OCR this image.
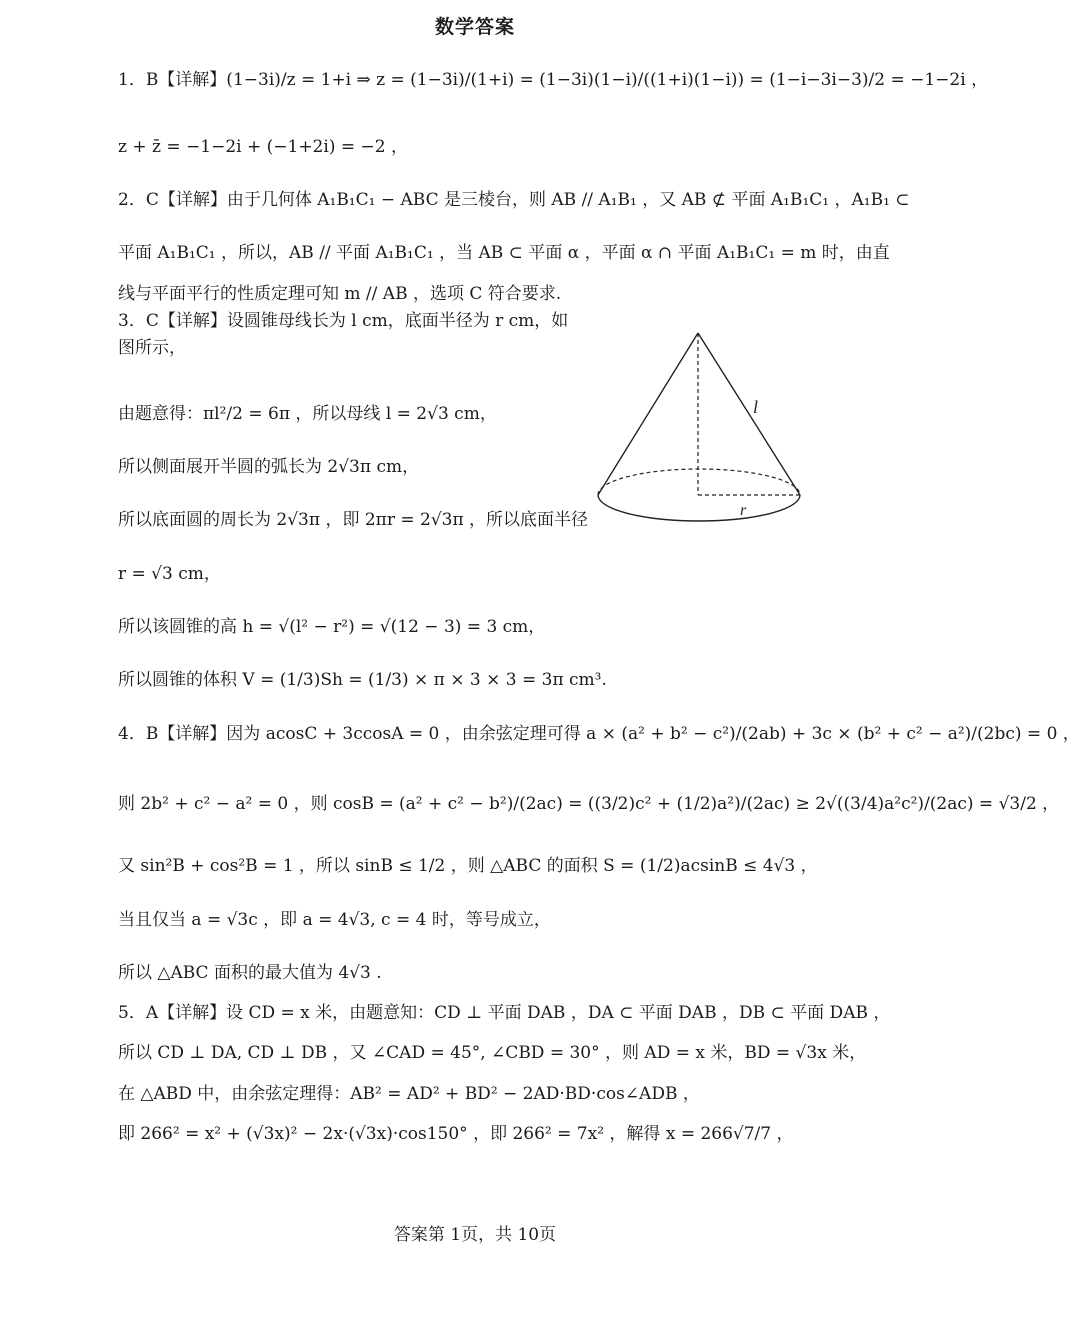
数学答案
1．B【详解】(1−3i)/z = 1+i ⇒ z = (1−3i)/(1+i) = (1−3i)(1−i)/((1+i)(1−i)) = (1−i−3i−3)/2 = −1−2i ，
z + z̄ = −1−2i + (−1+2i) = −2 ，
2．C【详解】由于几何体 A₁B₁C₁ − ABC 是三棱台，则 AB // A₁B₁ ，又 AB ⊄ 平面 A₁B₁C₁ ，A₁B₁ ⊂
平面 A₁B₁C₁ ，所以，AB // 平面 A₁B₁C₁ ，当 AB ⊂ 平面 α ，平面 α ∩ 平面 A₁B₁C₁ = m 时，由直
线与平面平行的性质定理可知 m // AB ，选项 C 符合要求.
3．C【详解】设圆锥母线长为 l cm，底面半径为 r cm，如
图所示，
由题意得：πl²/2 = 6π ，所以母线 l = 2√3 cm，
所以侧面展开半圆的弧长为 2√3π cm，
所以底面圆的周长为 2√3π ，即 2πr = 2√3π ，所以底面半径
r = √3 cm，
所以该圆锥的高 h = √(l² − r²) = √(12 − 3) = 3 cm，
所以圆锥的体积 V = (1/3)Sh = (1/3) × π × 3 × 3 = 3π cm³.
4．B【详解】因为 acosC + 3ccosA = 0 ，由余弦定理可得 a × (a² + b² − c²)/(2ab) + 3c × (b² + c² − a²)/(2bc) = 0 ，
则 2b² + c² − a² = 0 ，则 cosB = (a² + c² − b²)/(2ac) = ((3/2)c² + (1/2)a²)/(2ac) ≥ 2√((3/4)a²c²)/(2ac) = √3/2 ，
又 sin²B + cos²B = 1 ，所以 sinB ≤ 1/2 ，则 △ABC 的面积 S = (1/2)acsinB ≤ 4√3 ，
当且仅当 a = √3c ，即 a = 4√3, c = 4 时，等号成立，
所以 △ABC 面积的最大值为 4√3 .
5．A【详解】设 CD = x 米，由题意知：CD ⊥ 平面 DAB ，DA ⊂ 平面 DAB ，DB ⊂ 平面 DAB ，
所以 CD ⊥ DA, CD ⊥ DB ，又 ∠CAD = 45°, ∠CBD = 30° ，则 AD = x 米，BD = √3x 米，
在 △ABD 中，由余弦定理得：AB² = AD² + BD² − 2AD·BD·cos∠ADB ，
即 266² = x² + (√3x)² − 2x·(√3x)·cos150° ，即 266² = 7x² ，解得 x = 266√7/7 ，
l
r
答案第 1页，共 10页
